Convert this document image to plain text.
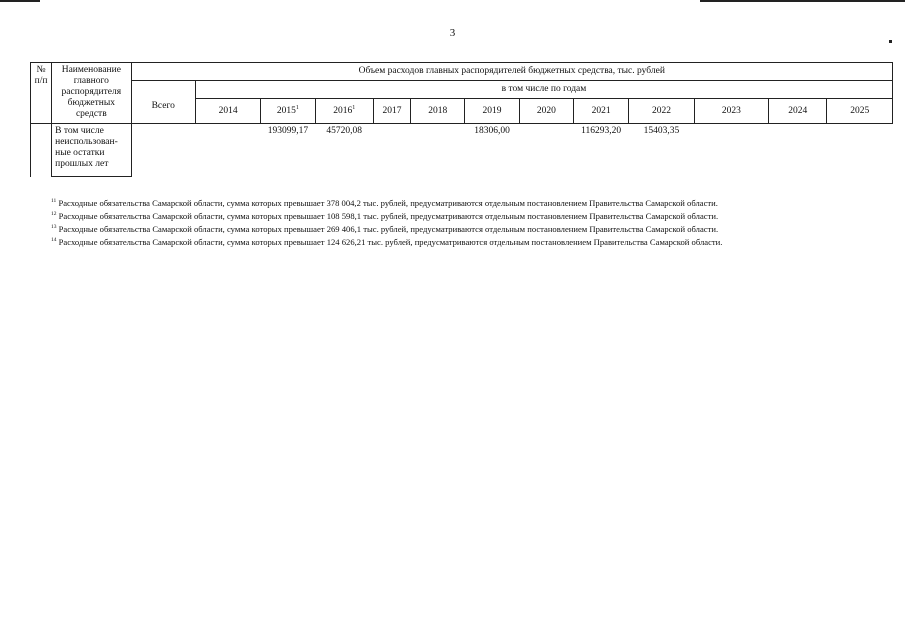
3
№ п/п	Наименование главного распорядителя бюджетных средств	Объем расходов главных распорядителей бюджетных средства, тыс. рублей												
		Всего	в том числе по годам											
			2014	2015$^1$	2016$^1$	2017	2018	2019	2020	2021	2022	2023	2024	2025
	В том числе неиспользован-ные остатки прошлых лет			193099,17	45720,08			18306,00		116293,20	15403,35			
$^{11}$ Расходные обязательства Самарской области, сумма которых превышает 378 004,2 тыс. рублей, предусматриваются отдельным постановлением Правительства Самарской области.
$^{12}$ Расходные обязательства Самарской области, сумма которых превышает 108 598,1 тыс. рублей, предусматриваются отдельным постановлением Правительства Самарской области.
$^{13}$ Расходные обязательства Самарской области, сумма которых превышает 269 406,1 тыс. рублей, предусматриваются отдельным постановлением Правительства Самарской области.
$^{14}$ Расходные обязательства Самарской области, сумма которых превышает 124 626,21 тыс. рублей, предусматриваются отдельным постановлением Правительства Самарской области.
